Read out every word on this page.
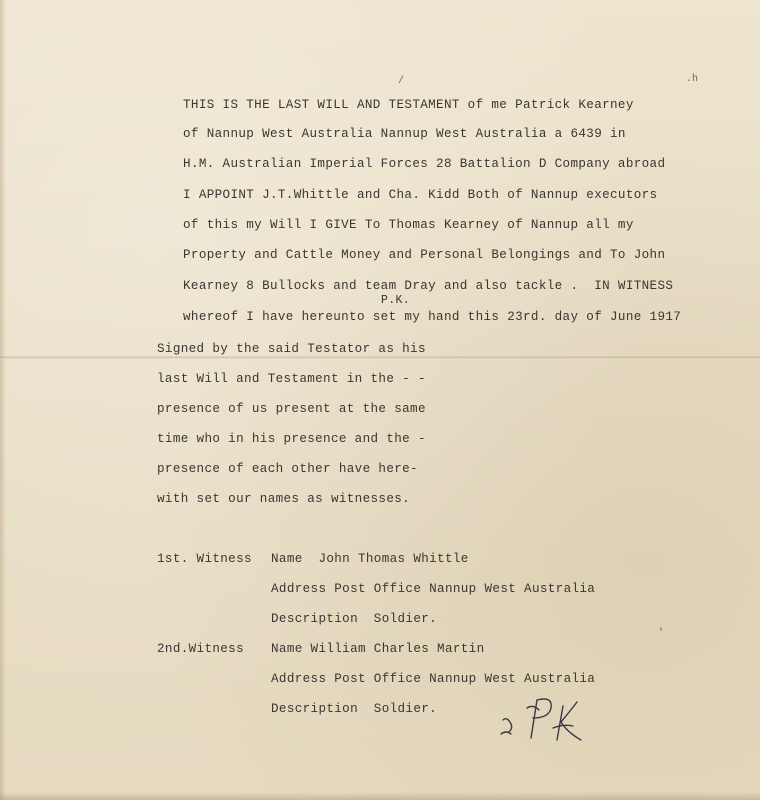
/	.h
THIS IS THE LAST WILL AND TESTAMENT of me Patrick Kearney
of Nannup West Australia Nannup West Australia a 6439 in
H.M. Australian Imperial Forces 28 Battalion D Company abroad
I APPOINT J.T.Whittle and Cha. Kidd Both of Nannup executors
of this my Will I GIVE To Thomas Kearney of Nannup all my
Property and Cattle Money and Personal Belongings and To John
Kearney 8 Bullocks and team Dray and also tackle .  IN WITNESS
P.K.
whereof I have hereunto set my hand this 23rd. day of June 1917
Signed by the said Testator as his
last Will and Testament in the - -
presence of us present at the same
time who in his presence and the -
presence of each other have here-
with set our names as witnesses.
1st. Witness Name  John Thomas Whittle
Address Post Office Nannup West Australia
Description  Soldier.
2nd.Witness Name William Charles Martin
Address Post Office Nannup West Australia
Description  Soldier.
'
